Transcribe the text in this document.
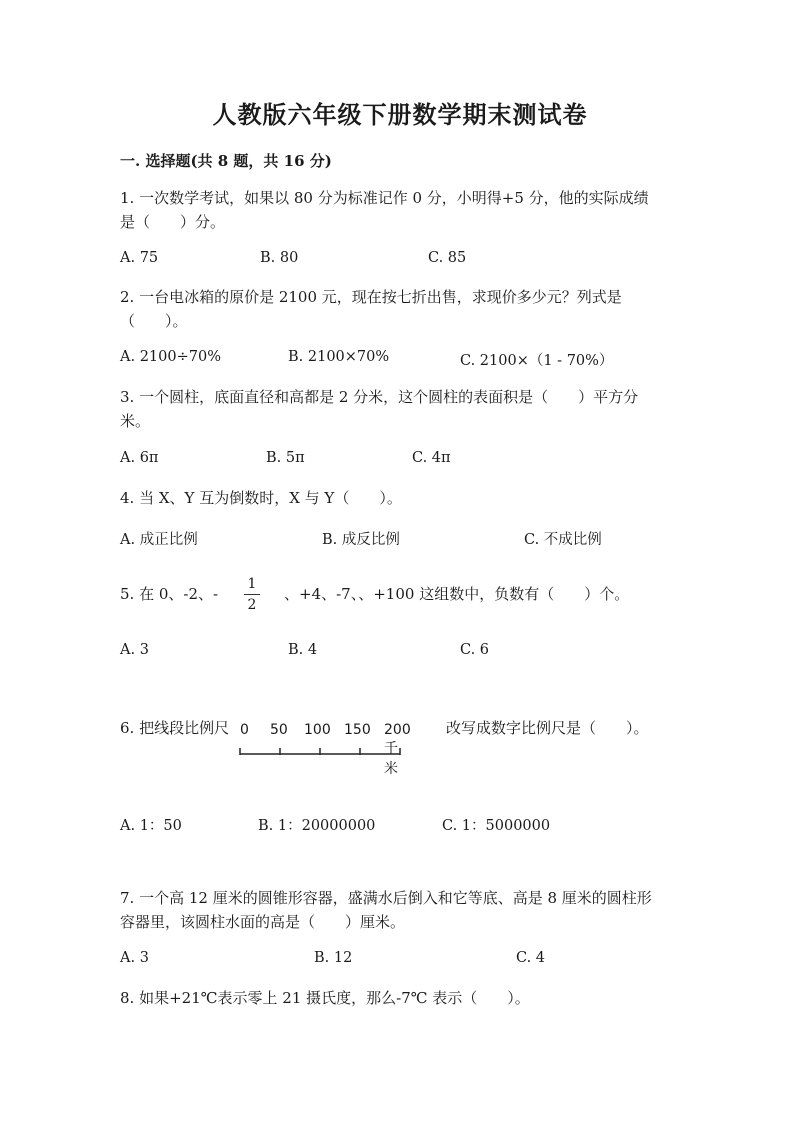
人教版六年级下册数学期末测试卷
一. 选择题(共 8 题，共 16 分)
1. 一次数学考试，如果以 80 分为标准记作 0 分，小明得+5 分，他的实际成绩
是（　　）分。
A. 75	B. 80	C. 85
2. 一台电冰箱的原价是 2100 元，现在按七折出售，求现价多少元？列式是
（　　）。
A. 2100÷70%	B. 2100×70%	C. 2100×（1 - 70%）
3. 一个圆柱，底面直径和高都是 2 分米，这个圆柱的表面积是（　　）平方分
米。
A. 6π	B. 5π	C. 4π
4. 当 X、Y 互为倒数时，X 与 Y（　　）。
A. 成正比例	B. 成反比例	C. 不成比例
5. 在 0、-2、-
1
2
、+4、-7、、+100 这组数中，负数有（　　）个。
A. 3	B. 4	C. 6
6. 把线段比例尺 0 50 100 150 200千米
改写成数字比例尺是（　　）。
A. 1：50	B. 1：20000000	C. 1：5000000
7. 一个高 12 厘米的圆锥形容器，盛满水后倒入和它等底、高是 8 厘米的圆柱形
容器里，该圆柱水面的高是（　　）厘米。
A. 3	B. 12	C. 4
8. 如果+21℃表示零上 21 摄氏度，那么-7℃ 表示（　　）。
